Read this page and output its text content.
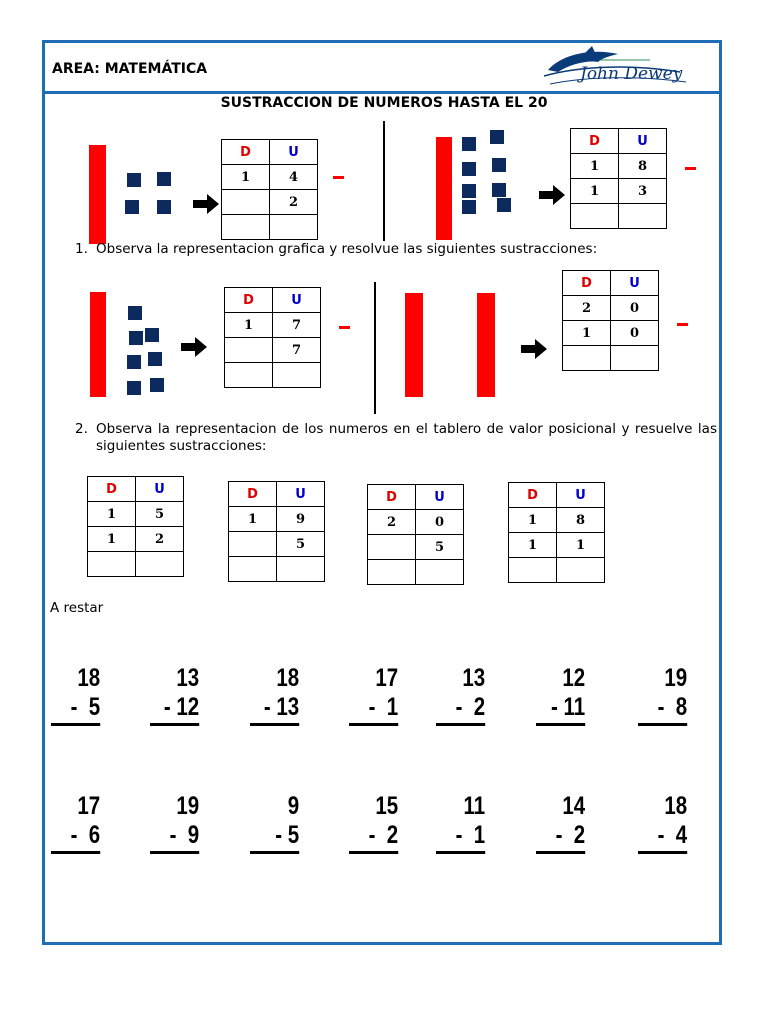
AREA: MATEMÁTICA	John Dewey
SUSTRACCION DE NUMEROS HASTA EL 20
D	U
1	4
	2

D	U
1	8
1	3

1. Observa la representacion grafica y resolvue las siguientes sustracciones:
D	U
1	7
	7

D	U
2	0
1	0

2. Observa la representacion de los numeros en el tablero de valor posicional y resuelve las siguientes sustracciones:
D	U
1	5
1	2

D	U
1	9
	5

D	U
2	0
	5

D	U
1	8
1	1

A restar
18
-  5
13
- 12
18
- 13
17
-  1
13
-  2
12
- 11
19
-  8
17
-  6
19
-  9
9
- 5
15
-  2
11
-  1
14
-  2
18
-  4
